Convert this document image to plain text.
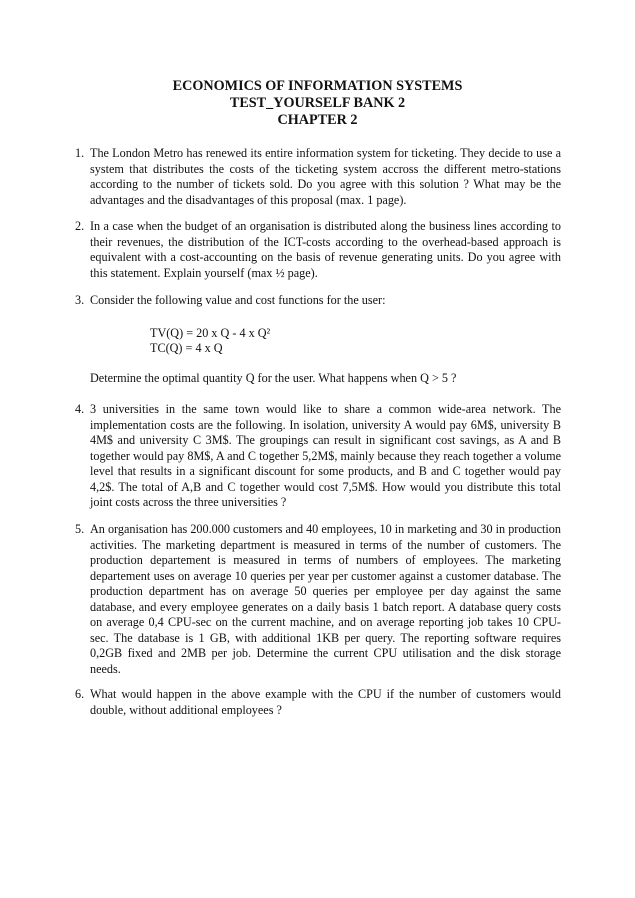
ECONOMICS OF INFORMATION SYSTEMS
TEST_YOURSELF BANK 2
CHAPTER 2
1. The London Metro has renewed its entire information system for ticketing. They decide to use a system that distributes the costs of the ticketing system accross the different metro-stations according to the number of tickets sold. Do you agree with this solution ? What may be the advantages and the disadvantages of this proposal (max. 1 page).
2. In a case when the budget of an organisation is distributed along the business lines according to their revenues, the distribution of the ICT-costs according to the overhead-based approach is equivalent with a cost-accounting on the basis of revenue generating units. Do you agree with this statement. Explain yourself (max ½ page).
3. Consider the following value and cost functions for the user:
TV(Q) = 20 x Q - 4 x Q²
TC(Q) = 4 x Q
Determine the optimal quantity Q for the user. What happens when Q > 5 ?
4. 3 universities in the same town would like to share a common wide-area network. The implementation costs are the following. In isolation, university A would pay 6M$, university B 4M$ and university C 3M$. The groupings can result in significant cost savings, as A and B together would pay 8M$, A and C together 5,2M$, mainly because they reach together a volume level that results in a significant discount for some products, and B and C together would pay 4,2$. The total of A,B and C together would cost 7,5M$. How would you distribute this total joint costs across the three universities ?
5. An organisation has 200.000 customers and 40 employees, 10 in marketing and 30 in production activities. The marketing department is measured in terms of the number of customers. The production departement is measured in terms of numbers of employees. The marketing departement uses on average 10 queries per year per customer against a customer database. The production department has on average 50 queries per employee per day against the same database, and every employee generates on a daily basis 1 batch report. A database query costs on average 0,4 CPU-sec on the current machine, and on average reporting job takes 10 CPU-sec. The database is 1 GB, with additional 1KB per query. The reporting software requires 0,2GB fixed and 2MB per job. Determine the current CPU utilisation and the disk storage needs.
6. What would happen in the above example with the CPU if the number of customers would double, without additional employees ?
